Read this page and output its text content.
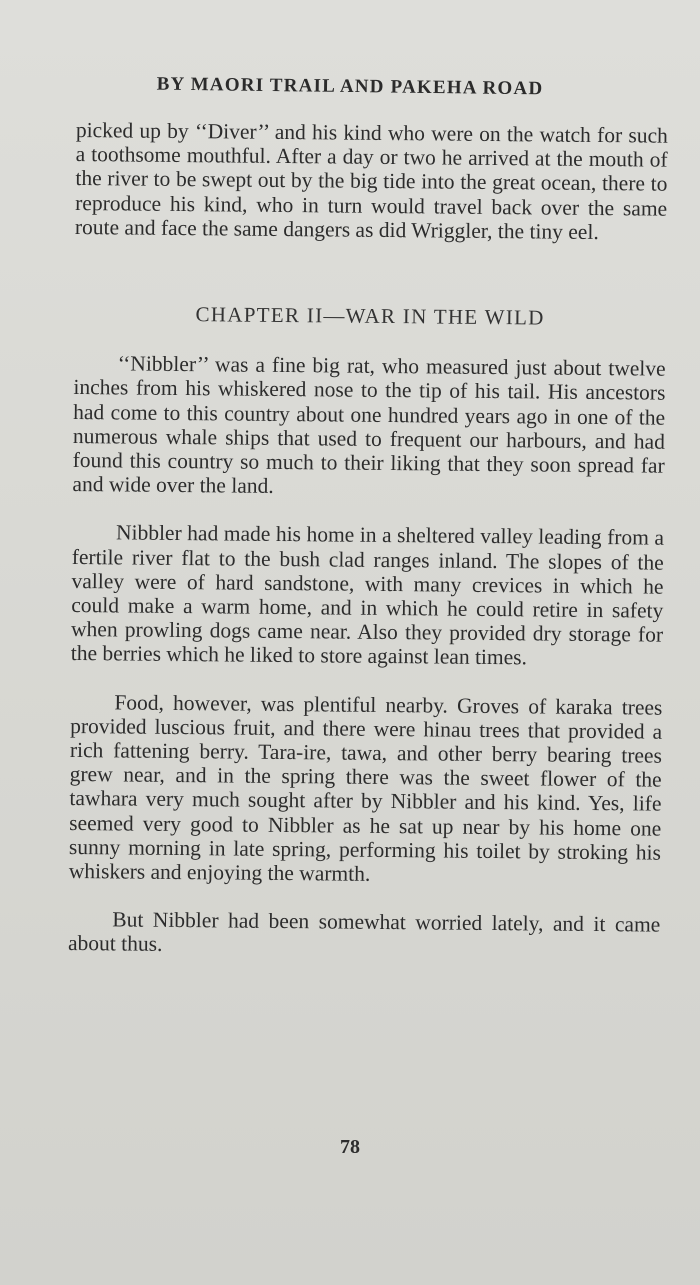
BY MAORI TRAIL AND PAKEHA ROAD

picked up by ‘‘Diver’’ and his kind who were on the watch for such a toothsome mouthful. After a day or two he arrived at the mouth of the river to be swept out by the big tide into the great ocean, there to reproduce his kind, who in turn would travel back over the same route and face the same dangers as did Wriggler, the tiny eel.

CHAPTER II—WAR IN THE WILD

‘‘Nibbler’’ was a fine big rat, who measured just about twelve inches from his whiskered nose to the tip of his tail. His ancestors had come to this country about one hundred years ago in one of the numerous whale ships that used to frequent our harbours, and had found this country so much to their liking that they soon spread far and wide over the land.

Nibbler had made his home in a sheltered valley leading from a fertile river flat to the bush clad ranges inland. The slopes of the valley were of hard sandstone, with many crevices in which he could make a warm home, and in which he could retire in safety when prowling dogs came near. Also they provided dry storage for the berries which he liked to store against lean times.

Food, however, was plentiful nearby. Groves of karaka trees provided luscious fruit, and there were hinau trees that provided a rich fattening berry. Tara-ire, tawa, and other berry bearing trees grew near, and in the spring there was the sweet flower of the tawhara very much sought after by Nibbler and his kind. Yes, life seemed very good to Nibbler as he sat up near by his home one sunny morning in late spring, performing his toilet by stroking his whiskers and enjoying the warmth.

But Nibbler had been somewhat worried lately, and it came about thus.

78
